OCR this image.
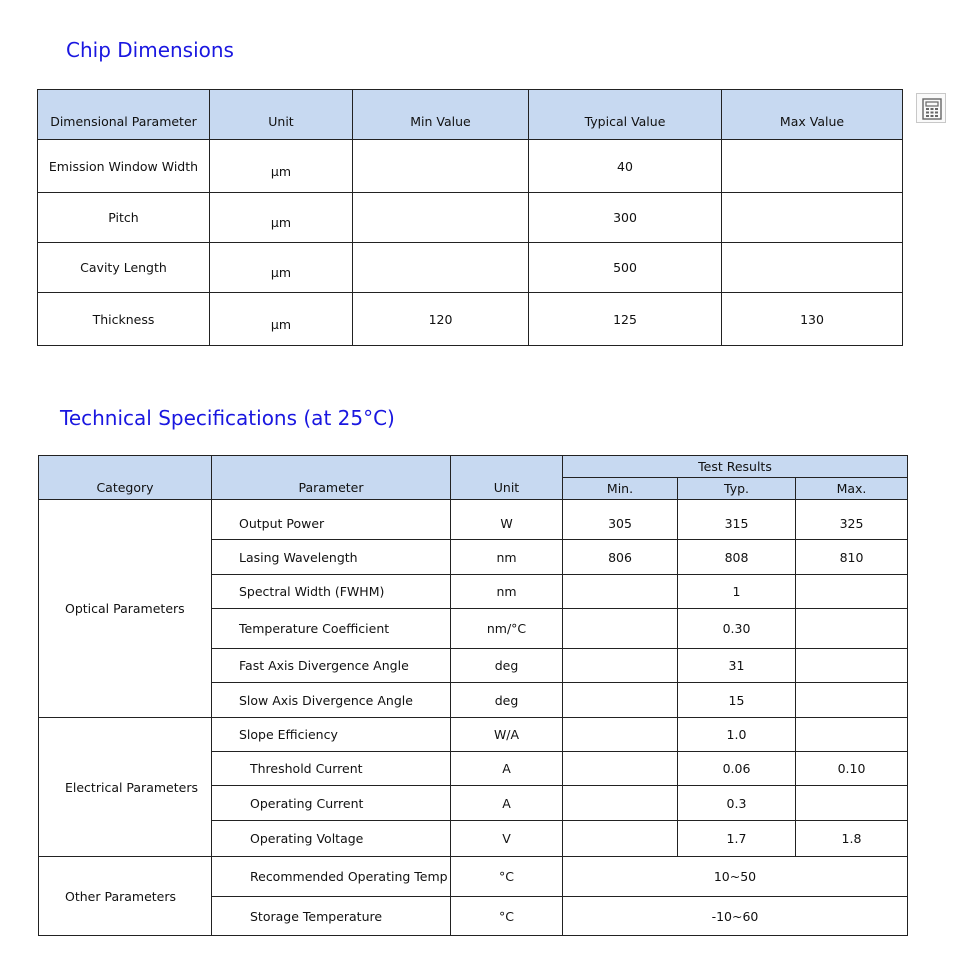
Chip Dimensions
Dimensional Parameter	Unit	Min Value	Typical Value	Max Value
Emission Window Width	μm		40	
Pitch	μm		300	
Cavity Length	μm		500	
Thickness	μm	120	125	130
Technical Specifications (at 25°C)
Category	Parameter	Unit	Test Results		
			Min.	Typ.	Max.
Optical Parameters	Output Power	W	305	315	325
	Lasing Wavelength	nm	806	808	810
	Spectral Width (FWHM)	nm		1	
	Temperature Coefficient	nm/°C		0.30	
	Fast Axis Divergence Angle	deg		31	
	Slow Axis Divergence Angle	deg		15	
Electrical Parameters	Slope Efficiency	W/A		1.0	
	Threshold Current	A		0.06	0.10
	Operating Current	A		0.3	
	Operating Voltage	V		1.7	1.8
Other Parameters	Recommended Operating Temp	°C	10~50		
	Storage Temperature	°C	-10~60		
